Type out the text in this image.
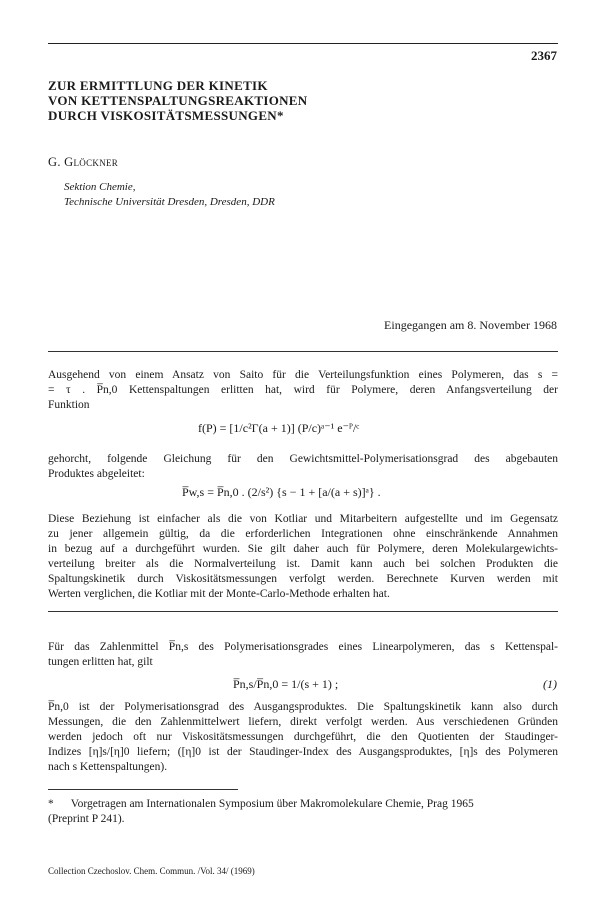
2367
ZUR ERMITTLUNG DER KINETIK
VON KETTENSPALTUNGSREAKTIONEN
DURCH VISKOSITÄTSMESSUNGEN*
G. Glöckner
Sektion Chemie,
Technische Universität Dresden, Dresden, DDR
Eingegangen am 8. November 1968
Ausgehend von einem Ansatz von Saito für die Verteilungsfunktion eines Polymeren, das s =
= τ . P̅n,0 Kettenspaltungen erlitten hat, wird für Polymere, deren Anfangsverteilung der
Funktion
f(P) = [1/c²Γ(a + 1)] (P/c)ᵃ⁻¹ e⁻ᴾ/ᶜ
gehorcht, folgende Gleichung für den Gewichtsmittel-Polymerisationsgrad des abgebauten
Produktes abgeleitet:
P̅w,s = P̅n,0 . (2/s²) {s − 1 + [a/(a + s)]ᵃ} .
Diese Beziehung ist einfacher als die von Kotliar und Mitarbeitern aufgestellte und im Gegensatz
zu jener allgemein gültig, da die erforderlichen Integrationen ohne einschränkende Annahmen
in bezug auf a durchgeführt wurden. Sie gilt daher auch für Polymere, deren Molekulargewichts-
verteilung breiter als die Normalverteilung ist. Damit kann auch bei solchen Produkten die
Spaltungskinetik durch Viskositätsmessungen verfolgt werden. Berechnete Kurven werden mit
Werten verglichen, die Kotliar mit der Monte-Carlo-Methode erhalten hat.
Für das Zahlenmittel P̅n,s des Polymerisationsgrades eines Linearpolymeren, das s Kettenspal-
tungen erlitten hat, gilt
P̅n,s/P̅n,0 = 1/(s + 1) ;	(1)
P̅n,0 ist der Polymerisationsgrad des Ausgangsproduktes. Die Spaltungskinetik kann also durch
Messungen, die den Zahlenmittelwert liefern, direkt verfolgt werden. Aus verschiedenen Gründen
werden jedoch oft nur Viskositätsmessungen durchgeführt, die den Quotienten der Staudinger-
Indizes [η]s/[η]0 liefern; ([η]0 ist der Staudinger-Index des Ausgangsproduktes, [η]s des Polymeren
nach s Kettenspaltungen).
*      Vorgetragen am Internationalen Symposium über Makromolekulare Chemie, Prag 1965
(Preprint P 241).
Collection Czechoslov. Chem. Commun. /Vol. 34/ (1969)
